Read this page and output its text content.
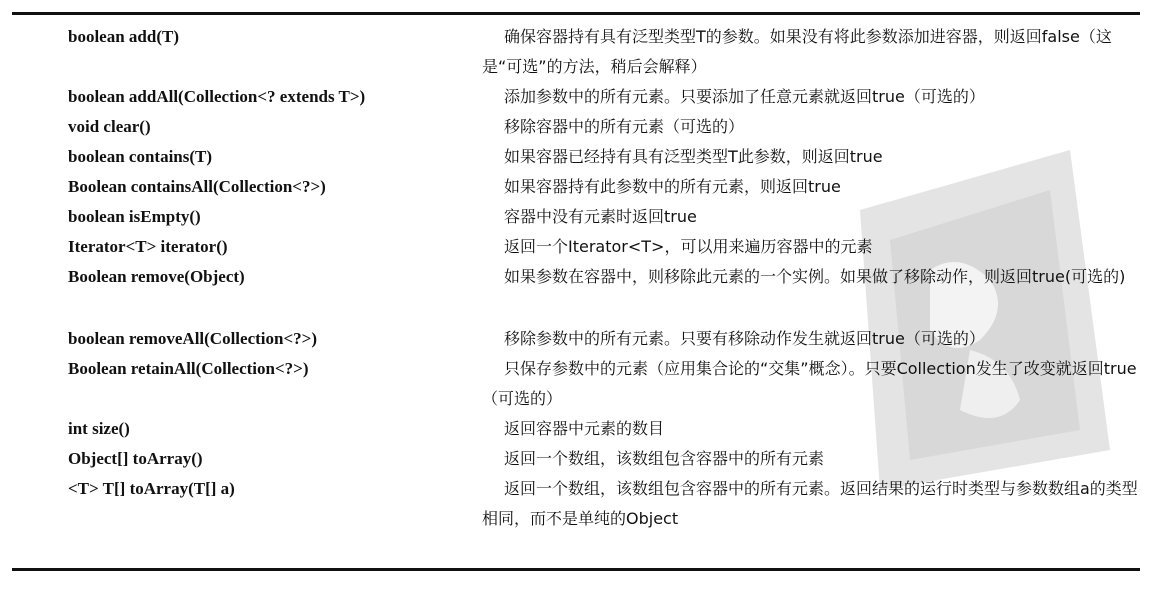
boolean add(T)	确保容器持有具有泛型类型T的参数。如果没有将此参数添加进容器，则返回false（这是“可选”的方法，稍后会解释）
boolean addAll(Collection<? extends T>)	添加参数中的所有元素。只要添加了任意元素就返回true（可选的）
void clear()	移除容器中的所有元素（可选的）
boolean contains(T)	如果容器已经持有具有泛型类型T此参数，则返回true
Boolean containsAll(Collection<?>)	如果容器持有此参数中的所有元素，则返回true
boolean isEmpty()	容器中没有元素时返回true
Iterator<T> iterator()	返回一个Iterator<T>，可以用来遍历容器中的元素
Boolean remove(Object)	如果参数在容器中，则移除此元素的一个实例。如果做了移除动作，则返回true(可选的)
boolean removeAll(Collection<?>)	移除参数中的所有元素。只要有移除动作发生就返回true（可选的）
Boolean retainAll(Collection<?>)	只保存参数中的元素（应用集合论的“交集”概念）。只要Collection发生了改变就返回true（可选的）
int size()	返回容器中元素的数目
Object[] toArray()	返回一个数组，该数组包含容器中的所有元素
<T> T[] toArray(T[] a)	返回一个数组，该数组包含容器中的所有元素。返回结果的运行时类型与参数数组a的类型相同，而不是单纯的Object
